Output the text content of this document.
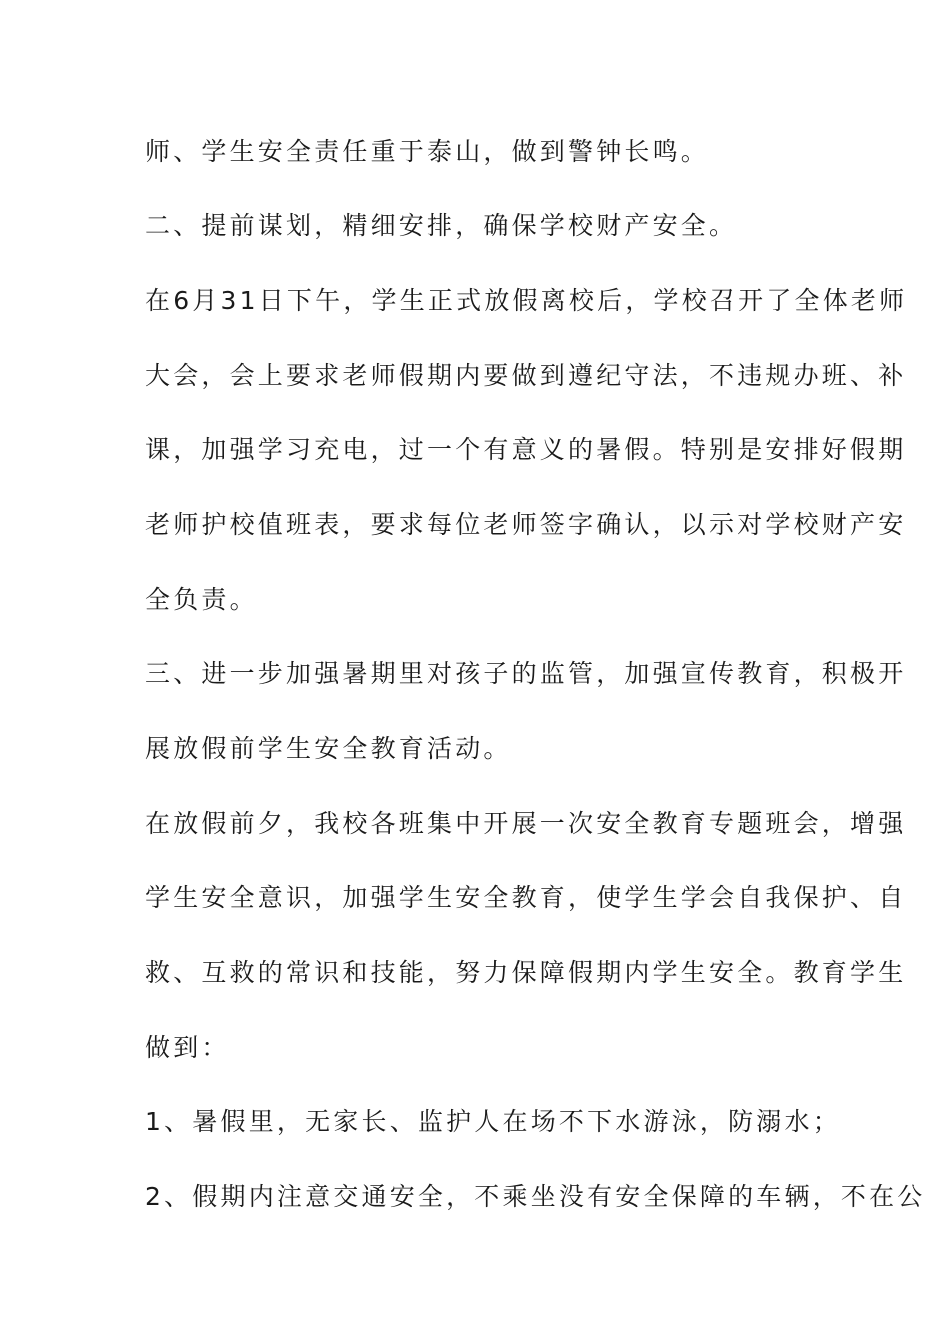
师、学生安全责任重于泰山，做到警钟长鸣。
二、提前谋划，精细安排，确保学校财产安全。
在6月31日下午，学生正式放假离校后，学校召开了全体老师
大会，会上要求老师假期内要做到遵纪守法，不违规办班、补
课，加强学习充电，过一个有意义的暑假。特别是安排好假期
老师护校值班表，要求每位老师签字确认，以示对学校财产安
全负责。
三、进一步加强暑期里对孩子的监管，加强宣传教育，积极开
展放假前学生安全教育活动。
在放假前夕，我校各班集中开展一次安全教育专题班会，增强
学生安全意识，加强学生安全教育，使学生学会自我保护、自
救、互救的常识和技能，努力保障假期内学生安全。教育学生
做到：
1、暑假里，无家长、监护人在场不下水游泳，防溺水；
2、假期内注意交通安全，不乘坐没有安全保障的车辆，不在公
